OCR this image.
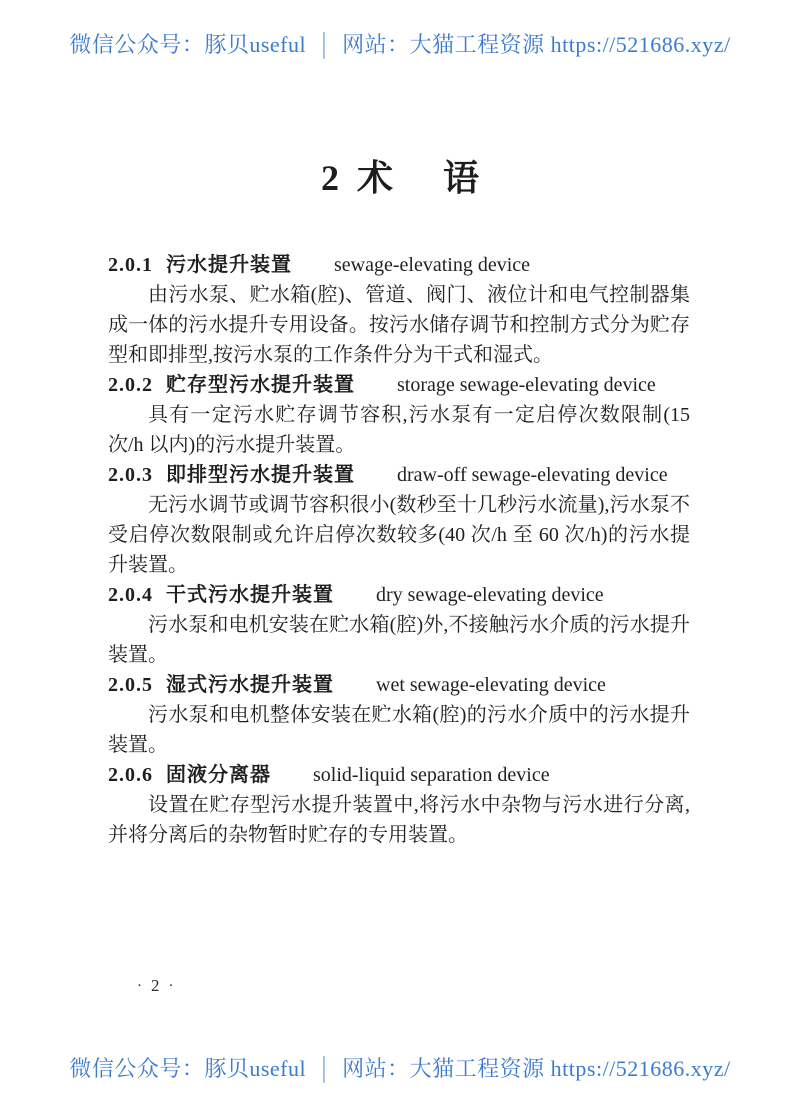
微信公众号：豚贝useful │ 网站：大猫工程资源 https://521686.xyz/
2 术 语
2.0.1 污水提升装置 sewage-elevating device
由污水泵、贮水箱(腔)、管道、阀门、液位计和电气控制器集成一体的污水提升专用设备。按污水储存调节和控制方式分为贮存型和即排型,按污水泵的工作条件分为干式和湿式。
2.0.2 贮存型污水提升装置 storage sewage-elevating device
具有一定污水贮存调节容积,污水泵有一定启停次数限制(15 次/h 以内)的污水提升装置。
2.0.3 即排型污水提升装置 draw-off sewage-elevating device
无污水调节或调节容积很小(数秒至十几秒污水流量),污水泵不受启停次数限制或允许启停次数较多(40 次/h 至 60 次/h)的污水提升装置。
2.0.4 干式污水提升装置 dry sewage-elevating device
污水泵和电机安装在贮水箱(腔)外,不接触污水介质的污水提升装置。
2.0.5 湿式污水提升装置 wet sewage-elevating device
污水泵和电机整体安装在贮水箱(腔)的污水介质中的污水提升装置。
2.0.6 固液分离器 solid-liquid separation device
设置在贮存型污水提升装置中,将污水中杂物与污水进行分离,并将分离后的杂物暂时贮存的专用装置。
· 2 ·
微信公众号：豚贝useful │ 网站：大猫工程资源 https://521686.xyz/
